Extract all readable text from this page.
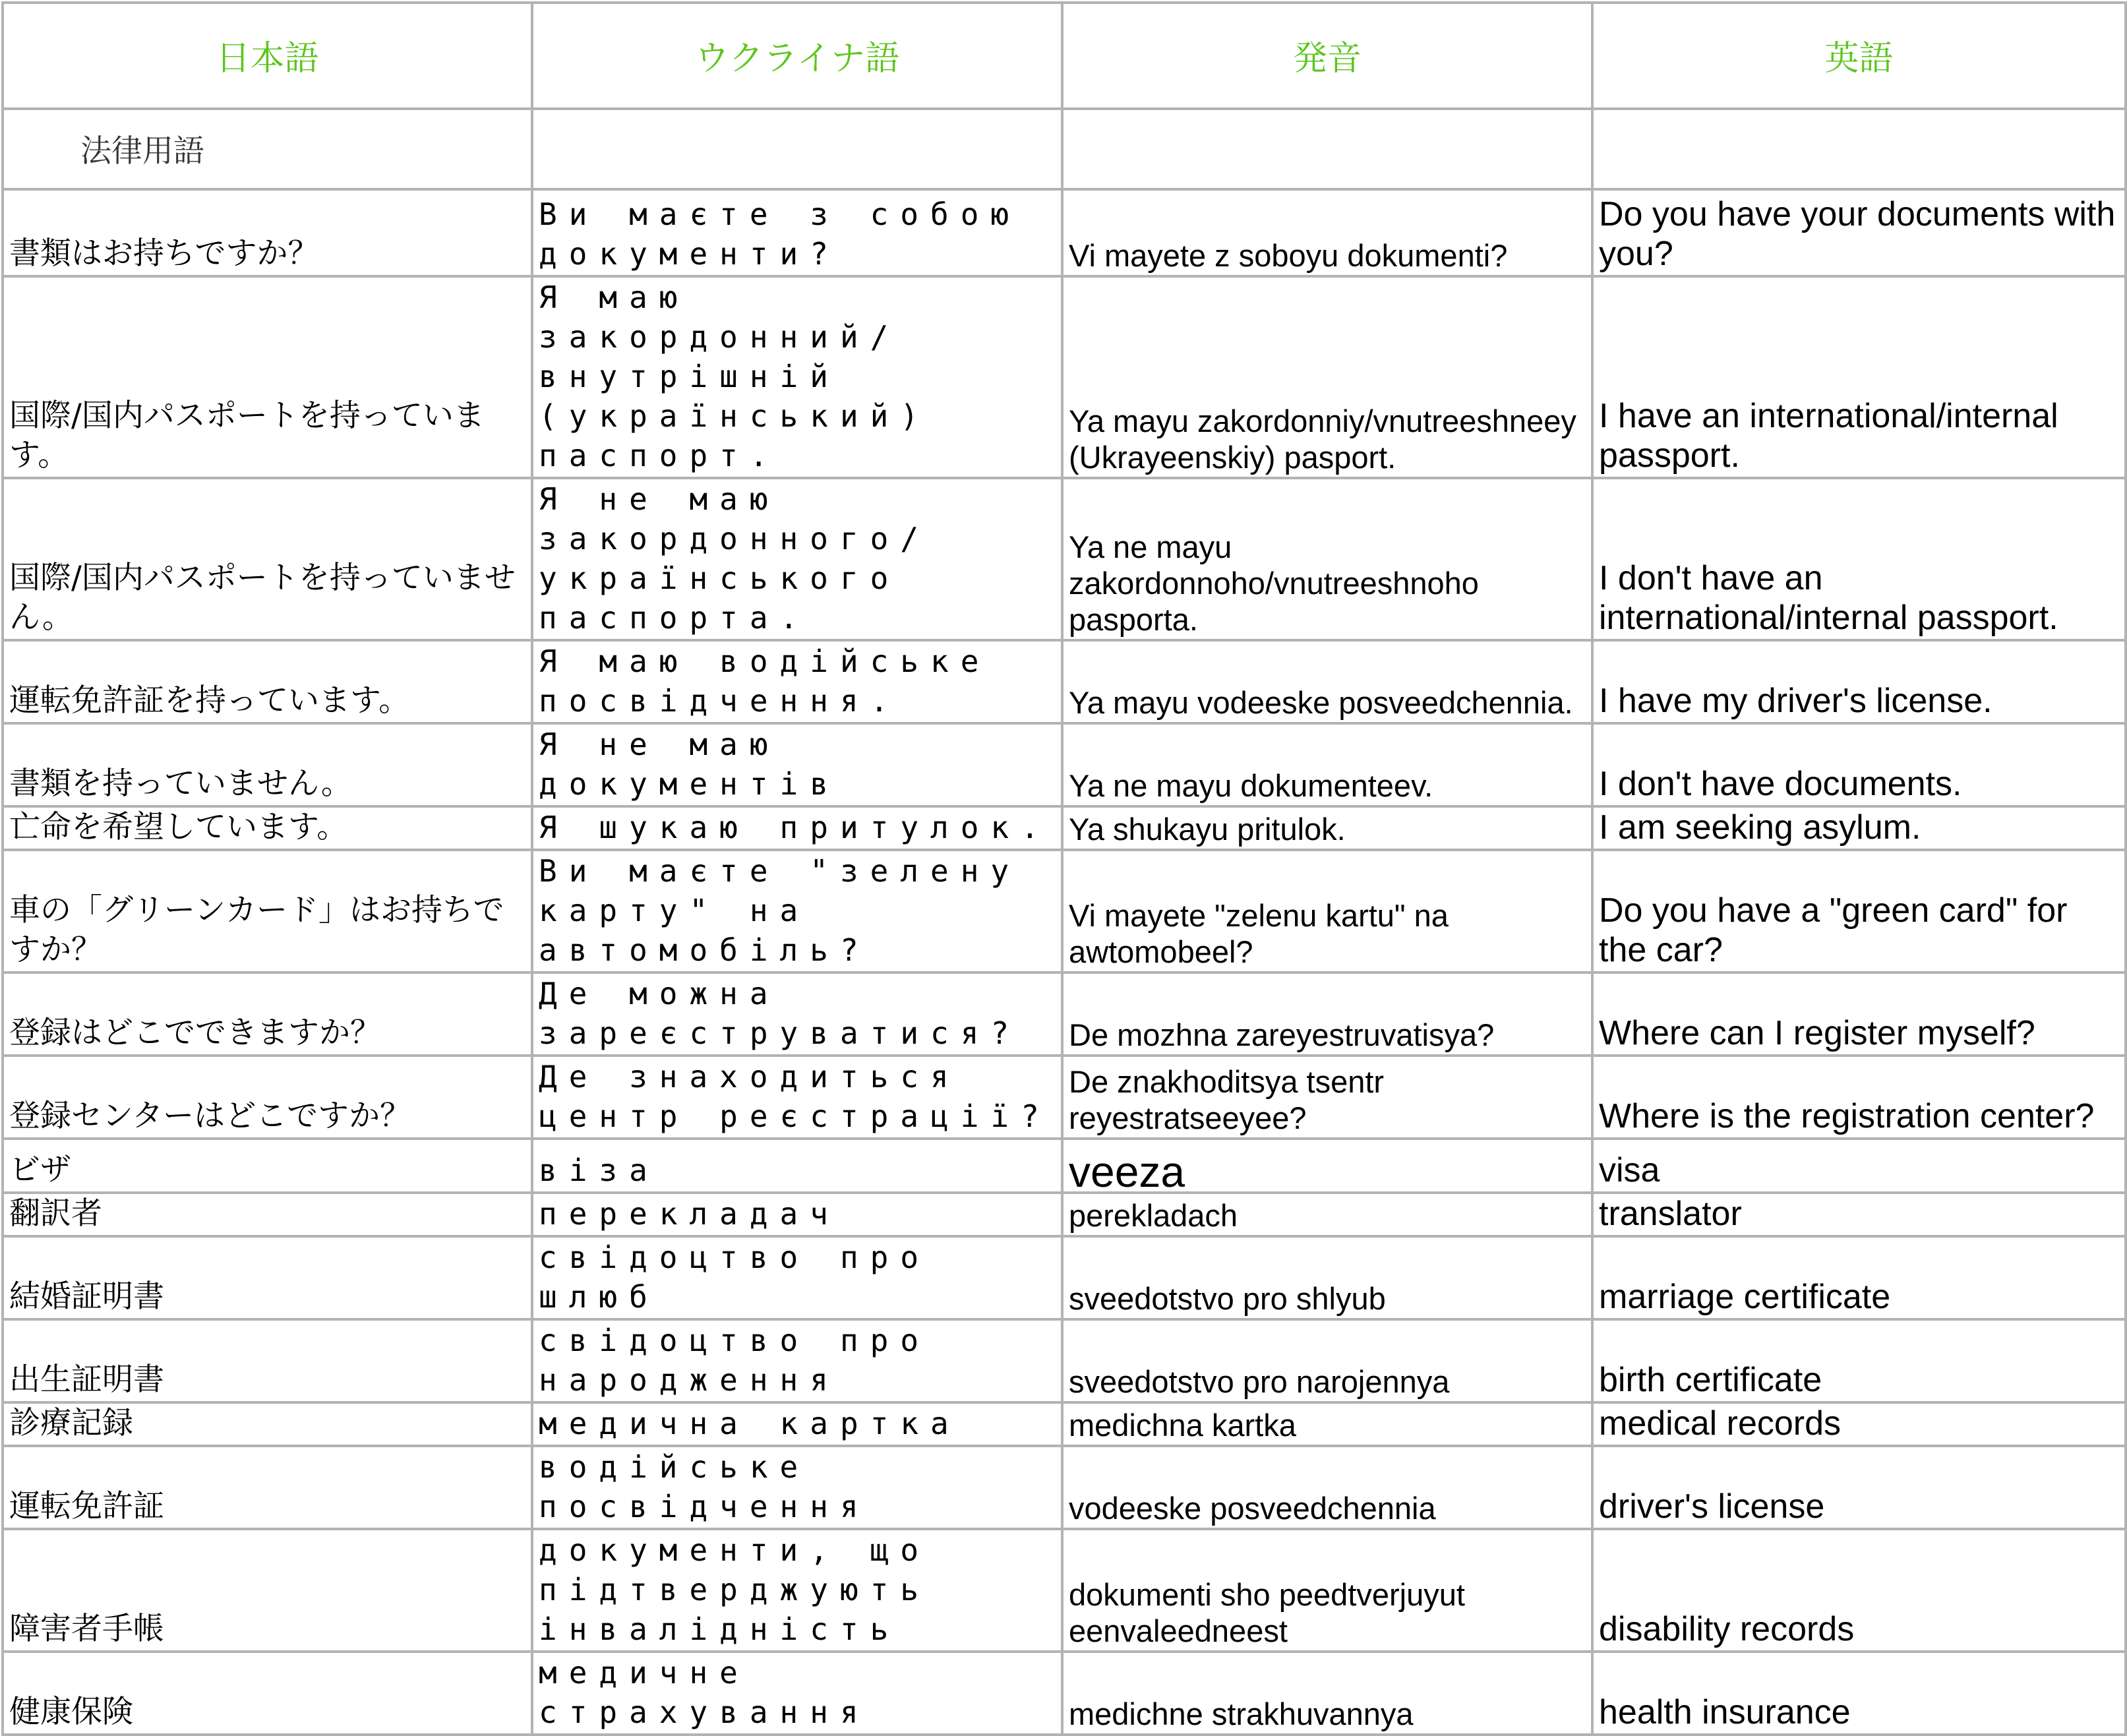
日本語	ウクライナ語	発音	英語

法律用語			

書類はお持ちですか？	Ви маєте з собою документи?	Vi mayete z soboyu dokumenti?	Do you have your documents with you?
国際/国内パスポートを持っています。	Я маю закордонний/внутрішній (український) паспорт.	Ya mayu zakordonniy/vnutreeshneey (Ukrayeenskiy) pasport.	I have an international/internal passport.
国際/国内パスポートを持っていません。	Я не маю закордонного/українського паспорта.	Ya ne mayu zakordonnoho/vnutreeshnoho pasporta.	I don't have an international/internal passport.
運転免許証を持っています。	Я маю водійське посвідчення.	Ya mayu vodeeske posveedchennia.	I have my driver's license.
書類を持っていません。	Я не маю документів	Ya ne mayu dokumenteev.	I don't have documents.
亡命を希望しています。	Я шукаю притулок.	Ya shukayu pritulok.	I am seeking asylum.
車の「グリーンカード」はお持ちですか？	Ви маєте "зелену карту" на автомобіль?	Vi mayete "zelenu kartu" na awtomobeel?	Do you have a "green card" for the car?
登録はどこでできますか？	Де можна зареєструватися?	De mozhna zareyestruvatisya?	Where can I register myself?
登録センターはどこですか？	Де знаходиться центр реєстрації?	De znakhoditsya tsentr reyestratseeyee?	Where is the registration center?
ビザ	віза	veeza	visa
翻訳者	перекладач	perekladach	translator
結婚証明書	свідоцтво про шлюб	sveedotstvo pro shlyub	marriage certificate
出生証明書	свідоцтво про народження	sveedotstvo pro narojennya	birth certificate
診療記録	медична картка	medichna kartka	medical records
運転免許証	водійське посвідчення	vodeeske posveedchennia	driver's license
障害者手帳	документи, що підтверджують інвалідність	dokumenti sho peedtverjuyut eenvaleedneest	disability records
健康保険	медичне страхування	medichne strakhuvannya	health insurance
